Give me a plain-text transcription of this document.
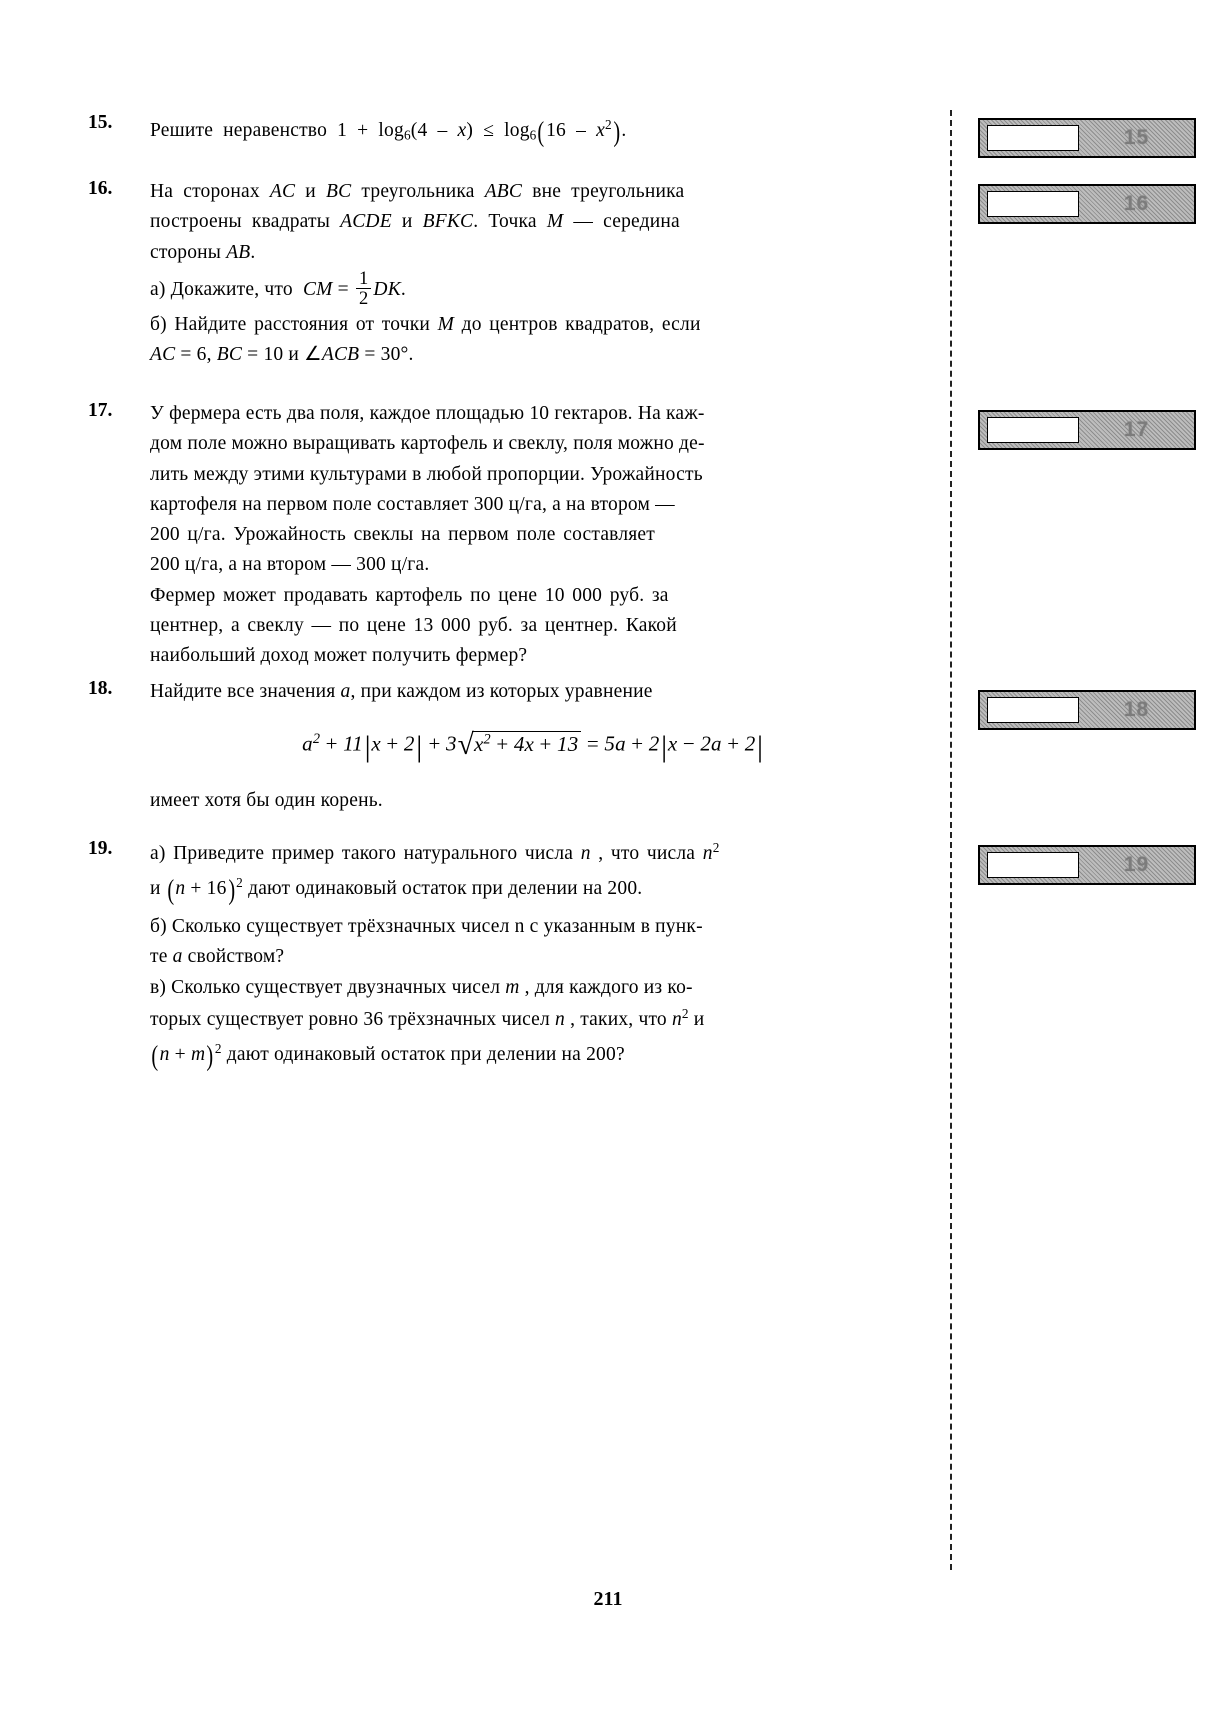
15
16
17
18
19
15.	Решите неравенство $1 + \log_6(4 - x) \le \log_6(16 - x^2)$.

16.	На сторонах AC и BC треугольника ABC вне треугольника

построены квадраты ACDE и BFKC. Точка M — середина

стороны AB.

а) Докажите, что CM = $\frac{1}{2}$ DK.

б) Найдите расстояния от точки M до центров квадратов, если

AC = 6, BC = 10 и ∠ACB = 30°.

17.	У фермера есть два поля, каждое площадью 10 гектаров. На каж-

дом поле можно выращивать картофель и свеклу, поля можно де-

лить между этими культурами в любой пропорции. Урожайность

картофеля на первом поле составляет 300 ц/га, а на втором —

200 ц/га. Урожайность свеклы на первом поле составляет

200 ц/га, а на втором — 300 ц/га.

Фермер может продавать картофель по цене 10 000 руб. за

центнер, а свеклу — по цене 13 000 руб. за центнер. Какой

наибольший доход может получить фермер?

18.	Найдите все значения a, при каждом из которых уравнение

$a^2 + 11|x + 2| + 3√x^2 + 4x + 13 = 5a + 2|x - 2a + 2|$

имеет хотя бы один корень.

19.	а) Приведите пример такого натурального числа n , что числа $n^2$

и $(n + 16)^2$ дают одинаковый остаток при делении на 200.

б) Сколько существует трёхзначных чисел n с указанным в пунк-

те a свойством?

в) Сколько существует двузначных чисел m , для каждого из ко-

торых существует ровно 36 трёхзначных чисел n , таких, что $n^2$ и

$(n + m)^2$ дают одинаковый остаток при делении на 200?

211
